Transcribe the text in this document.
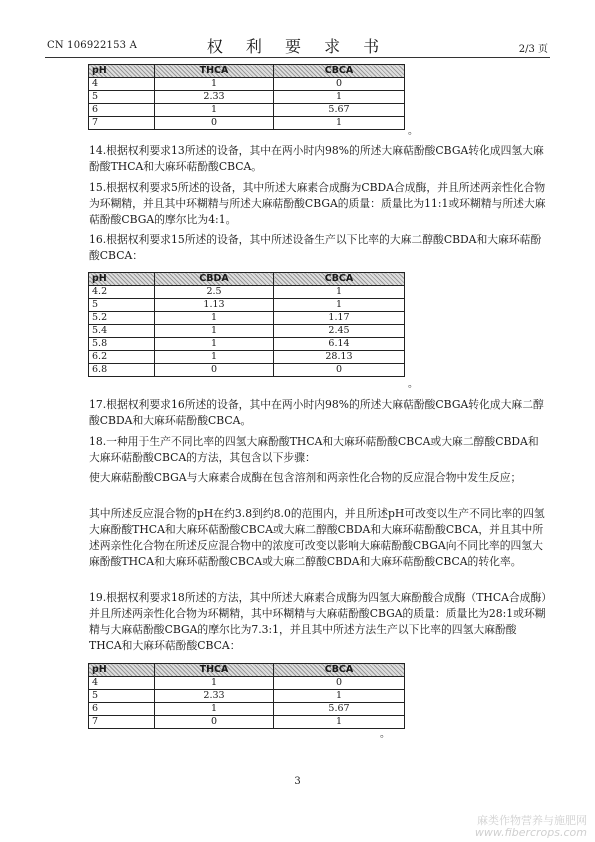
CN 106922153 A	权 利 要 求 书	2/3 页
pH	THCA	CBCA
4	1	0
5	2.33	1
6	1	5.67
7	0	1
。

14.根据权利要求13所述的设备，其中在两小时内98%的所述大麻萜酚酸CBGA转化成四氢大麻酚酸THCA和大麻环萜酚酸CBCA。

15.根据权利要求5所述的设备，其中所述大麻素合成酶为CBDA合成酶，并且所述两亲性化合物为环糊精，并且其中环糊精与所述大麻萜酚酸CBGA的质量：质量比为11:1或环糊精与所述大麻萜酚酸CBGA的摩尔比为4:1。

16.根据权利要求15所述的设备，其中所述设备生产以下比率的大麻二醇酸CBDA和大麻环萜酚酸CBCA：

pH	CBDA	CBCA
4.2	2.5	1
5	1.13	1
5.2	1	1.17
5.4	1	2.45
5.8	1	6.14
6.2	1	28.13
6.8	0	0
。

17.根据权利要求16所述的设备，其中在两小时内98%的所述大麻萜酚酸CBGA转化成大麻二醇酸CBDA和大麻环萜酚酸CBCA。

18.一种用于生产不同比率的四氢大麻酚酸THCA和大麻环萜酚酸CBCA或大麻二醇酸CBDA和大麻环萜酚酸CBCA的方法，其包含以下步骤：

使大麻萜酚酸CBGA与大麻素合成酶在包含溶剂和两亲性化合物的反应混合物中发生反应；

其中所述反应混合物的pH在约3.8到约8.0的范围内，并且所述pH可改变以生产不同比率的四氢大麻酚酸THCA和大麻环萜酚酸CBCA或大麻二醇酸CBDA和大麻环萜酚酸CBCA，并且其中所述两亲性化合物在所述反应混合物中的浓度可改变以影响大麻萜酚酸CBGA向不同比率的四氢大麻酚酸THCA和大麻环萜酚酸CBCA或大麻二醇酸CBDA和大麻环萜酚酸CBCA的转化率。

19.根据权利要求18所述的方法，其中所述大麻素合成酶为四氢大麻酚酸合成酶（THCA合成酶）并且所述两亲性化合物为环糊精，其中环糊精与大麻萜酚酸CBGA的质量：质量比为28:1或环糊精与大麻萜酚酸CBGA的摩尔比为7.3:1，并且其中所述方法生产以下比率的四氢大麻酚酸THCA和大麻环萜酚酸CBCA：

pH	THCA	CBCA
4	1	0
5	2.33	1
6	1	5.67
7	0	1
。
3
麻类作物营养与施肥网
www.fibercrops.com
